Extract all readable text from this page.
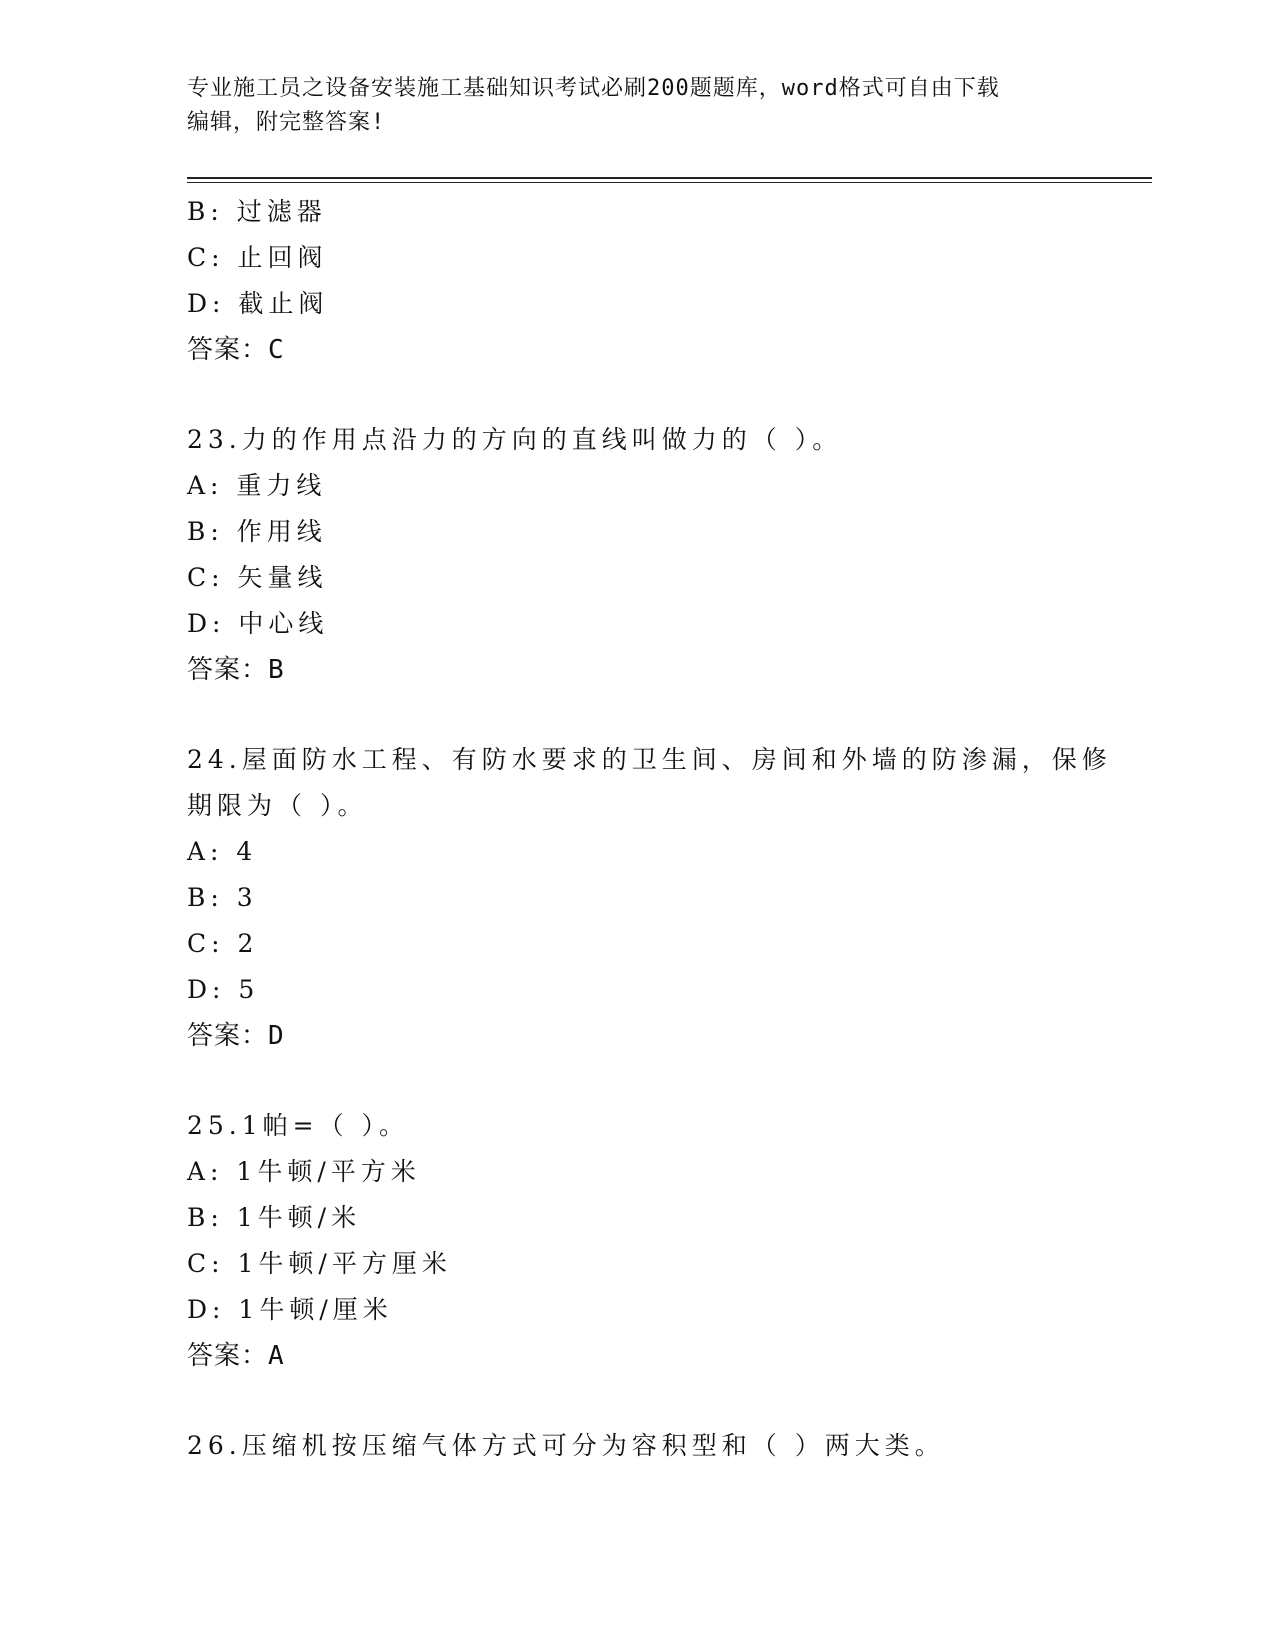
专业施工员之设备安装施工基础知识考试必刷200题题库，word格式可自由下载
编辑，附完整答案!
B: 过滤器
C: 止回阀
D: 截止阀
答案：C
23.力的作用点沿力的方向的直线叫做力的（ ）。
A: 重力线
B: 作用线
C: 矢量线
D: 中心线
答案：B
24.屋面防水工程、有防水要求的卫生间、房间和外墙的防渗漏，保修
期限为（ ）。
A: 4
B: 3
C: 2
D: 5
答案：D
25.1帕=（ ）。
A: 1牛顿/平方米
B: 1牛顿/米
C: 1牛顿/平方厘米
D: 1牛顿/厘米
答案：A
26.压缩机按压缩气体方式可分为容积型和（ ）两大类。
